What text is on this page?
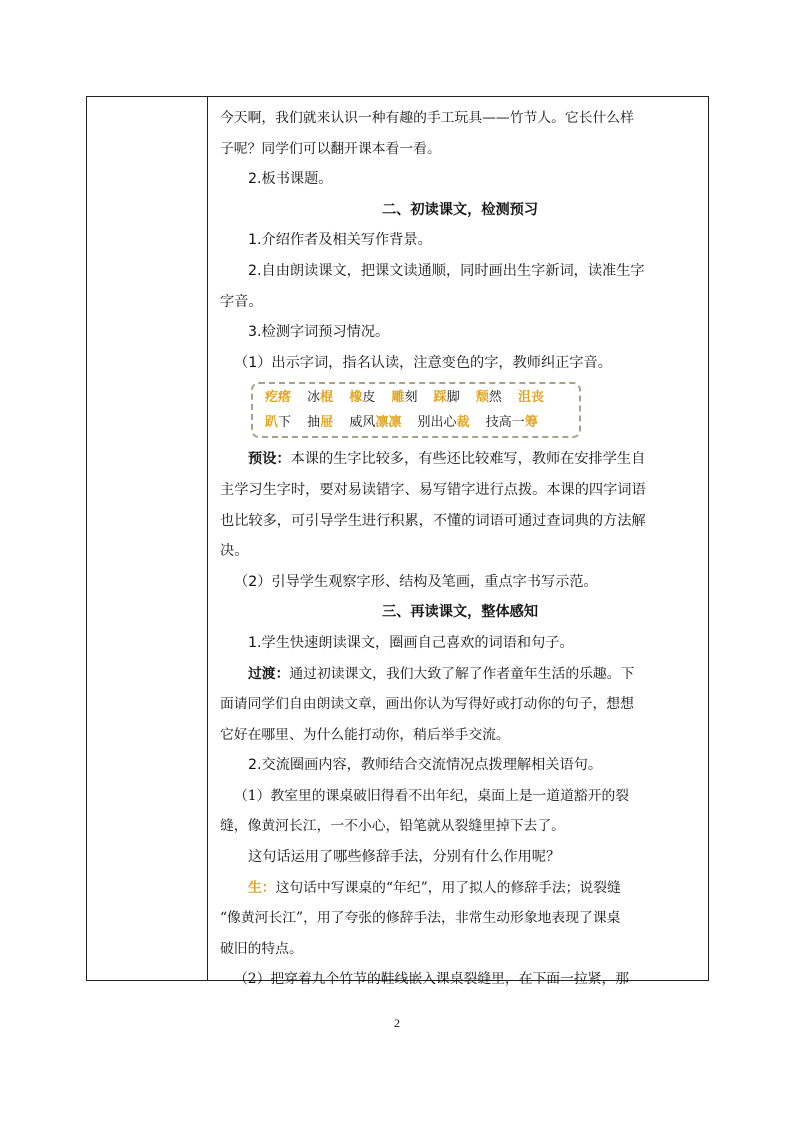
今天啊，我们就来认识一种有趣的手工玩具——竹节人。它长什么样
子呢？同学们可以翻开课本看一看。
2.板书课题。
二、初读课文，检测预习
1.介绍作者及相关写作背景。
2.自由朗读课文，把课文读通顺，同时画出生字新词，读准生字
字音。
3.检测字词预习情况。
（1）出示字词，指名认读，注意变色的字，教师纠正字音。
疙瘩 冰棍 橡皮 雕刻 踩脚 颓然 沮丧
趴下 抽屉 威风凛凛 别出心裁 技高一筹
预设：本课的生字比较多，有些还比较难写，教师在安排学生自
主学习生字时，要对易读错字、易写错字进行点拨。本课的四字词语
也比较多，可引导学生进行积累，不懂的词语可通过查词典的方法解
决。
（2）引导学生观察字形、结构及笔画，重点字书写示范。
三、再读课文，整体感知
1.学生快速朗读课文，圈画自己喜欢的词语和句子。
过渡：通过初读课文，我们大致了解了作者童年生活的乐趣。下
面请同学们自由朗读文章，画出你认为写得好或打动你的句子，想想
它好在哪里、为什么能打动你，稍后举手交流。
2.交流圈画内容，教师结合交流情况点拨理解相关语句。
（1）教室里的课桌破旧得看不出年纪，桌面上是一道道豁开的裂
缝，像黄河长江，一不小心，铅笔就从裂缝里掉下去了。
这句话运用了哪些修辞手法，分别有什么作用呢？
生：这句话中写课桌的“年纪”，用了拟人的修辞手法；说裂缝
“像黄河长江”，用了夸张的修辞手法，非常生动形象地表现了课桌
破旧的特点。
（2）把穿着九个竹节的鞋线嵌入课桌裂缝里，在下面一拉紧，那
2
